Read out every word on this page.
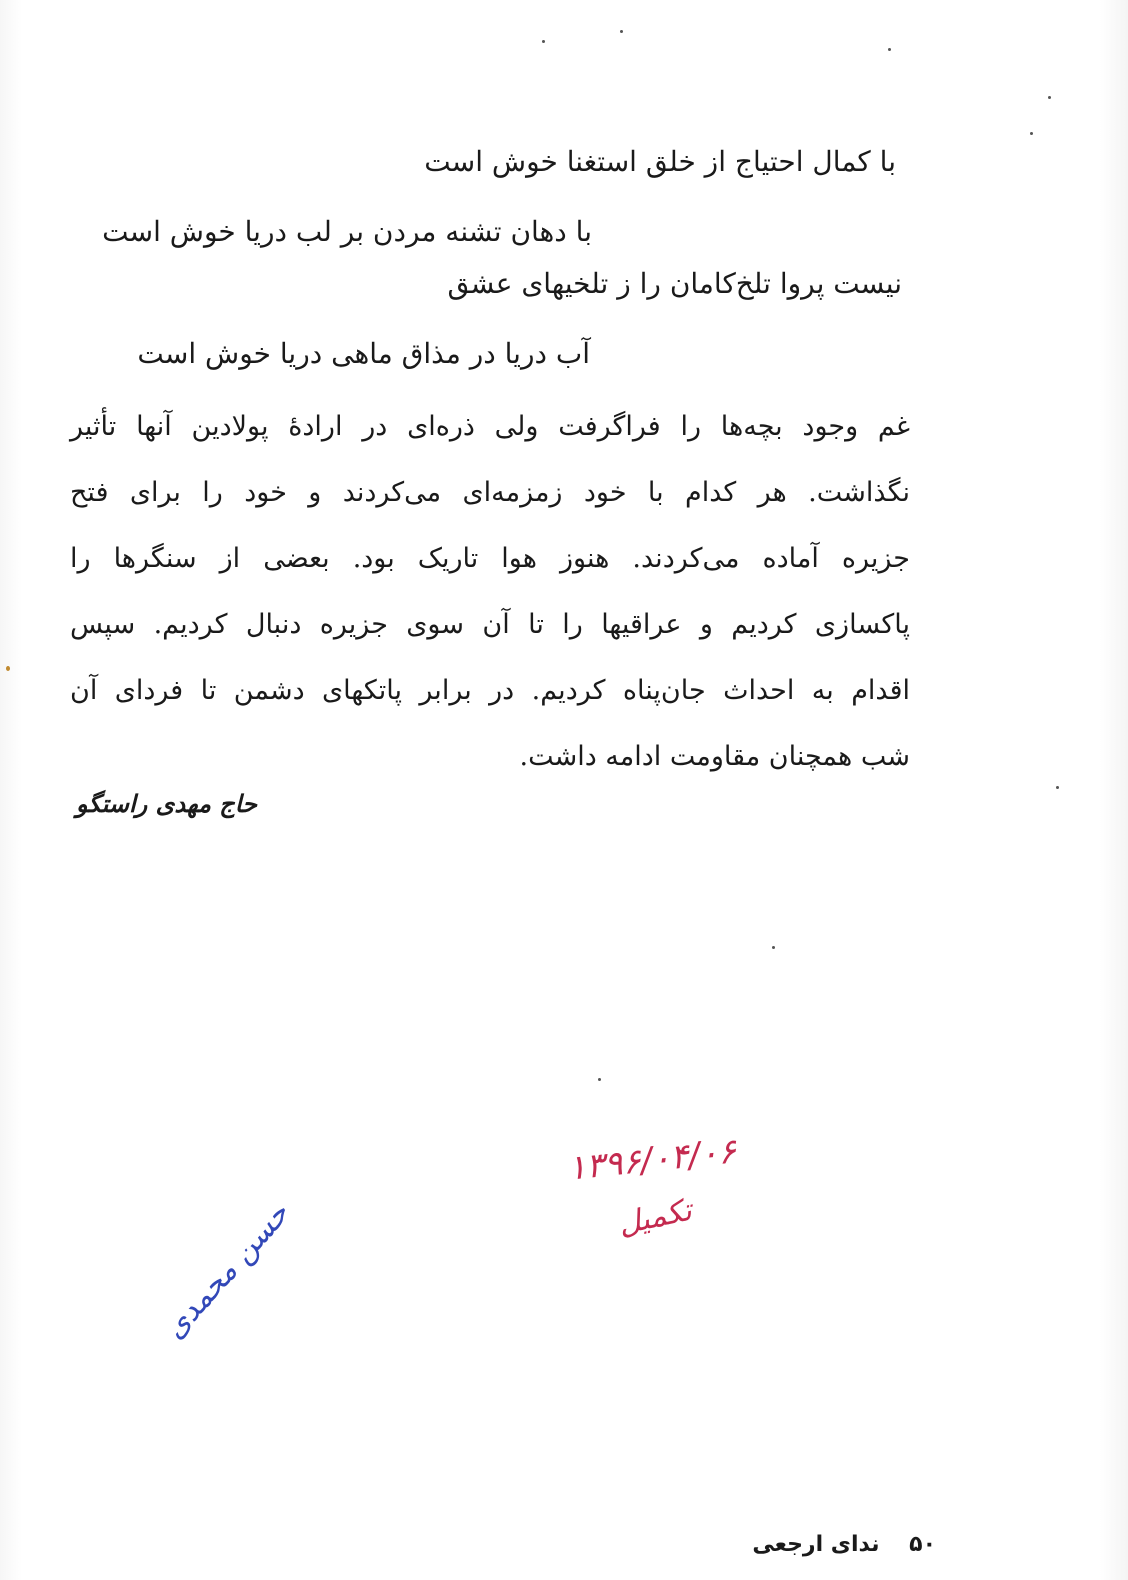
با کمال احتیاج از خلق استغنا خوش است
با دهان تشنه مردن بر لب دریا خوش است
نیست پروا تلخ‌کامان را ز تلخیهای عشق
آب دریا در مذاق ماهی دریا خوش است
غم وجود بچه‌ها را فراگرفت ولی ذره‌ای در ارادهٔ پولادین آنها تأثیر
نگذاشت. هر کدام با خود زمزمه‌ای می‌کردند و خود را برای فتح
جزیره آماده می‌کردند. هنوز هوا تاریک بود. بعضی از سنگرها را
پاکسازی کردیم و عراقیها را تا آن سوی جزیره دنبال کردیم. سپس
اقدام به احداث جان‌پناه کردیم. در برابر پاتکهای دشمن تا فردای آن
شب همچنان مقاومت ادامه داشت.
حاج مهدی راستگو
۱۳۹۶/۰۴/۰۶
تکمیل
حسن محمدی
۵۰ ندای ارجعی
